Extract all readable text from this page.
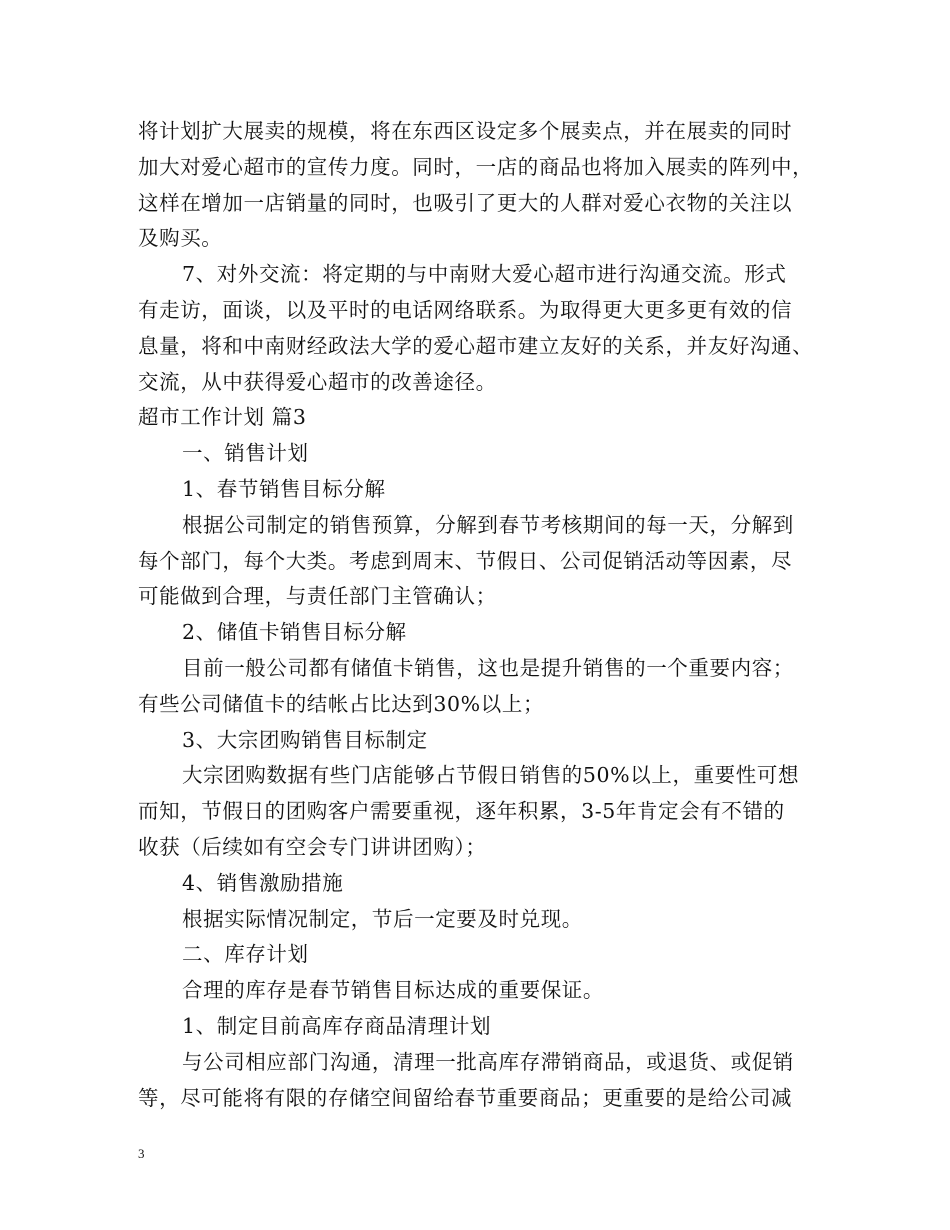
将计划扩大展卖的规模，将在东西区设定多个展卖点，并在展卖的同时
加大对爱心超市的宣传力度。同时，一店的商品也将加入展卖的阵列中，
这样在增加一店销量的同时，也吸引了更大的人群对爱心衣物的关注以
及购买。
7、对外交流：将定期的与中南财大爱心超市进行沟通交流。形式
有走访，面谈，以及平时的电话网络联系。为取得更大更多更有效的信
息量，将和中南财经政法大学的爱心超市建立友好的关系，并友好沟通、
交流，从中获得爱心超市的改善途径。
超市工作计划 篇3
一、销售计划
1、春节销售目标分解
根据公司制定的销售预算，分解到春节考核期间的每一天，分解到
每个部门，每个大类。考虑到周末、节假日、公司促销活动等因素，尽
可能做到合理，与责任部门主管确认；
2、储值卡销售目标分解
目前一般公司都有储值卡销售，这也是提升销售的一个重要内容；
有些公司储值卡的结帐占比达到30%以上；
3、大宗团购销售目标制定
大宗团购数据有些门店能够占节假日销售的50%以上，重要性可想
而知，节假日的团购客户需要重视，逐年积累，3-5年肯定会有不错的
收获（后续如有空会专门讲讲团购）；
4、销售激励措施
根据实际情况制定，节后一定要及时兑现。
二、库存计划
合理的库存是春节销售目标达成的重要保证。
1、制定目前高库存商品清理计划
与公司相应部门沟通，清理一批高库存滞销商品，或退货、或促销
等，尽可能将有限的存储空间留给春节重要商品；更重要的是给公司减
3
